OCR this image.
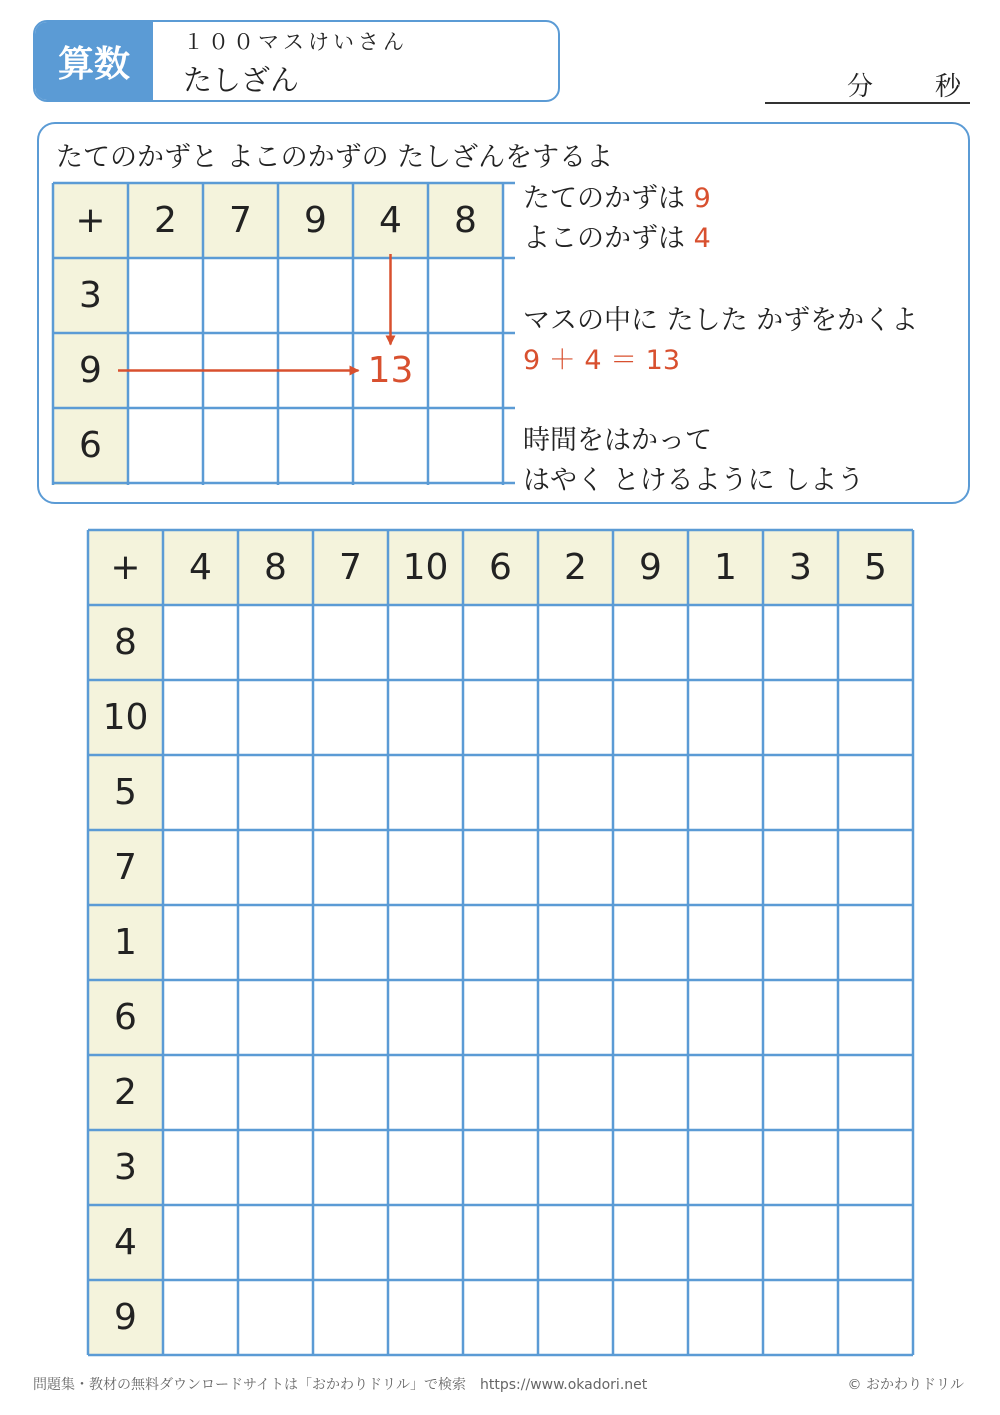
算数
１００マスけいさん
たしざん	分 秒
たてのかずと よこのかずの たしざんをするよ
+ 2 7 9 4 8
3
9
6
13
たてのかずは 9
よこのかずは 4
マスの中に たした かずをかくよ
9 ＋ 4 ＝ 13
時間をはかって
はやく とけるように しよう
+ 4 8 7 10 6 2 9 1 3 5
8
10
5
7
1
6
2
3
4
9
問題集・教材の無料ダウンロードサイトは「おかわりドリル」で検索　https://www.okadori.net	© おかわりドリル
